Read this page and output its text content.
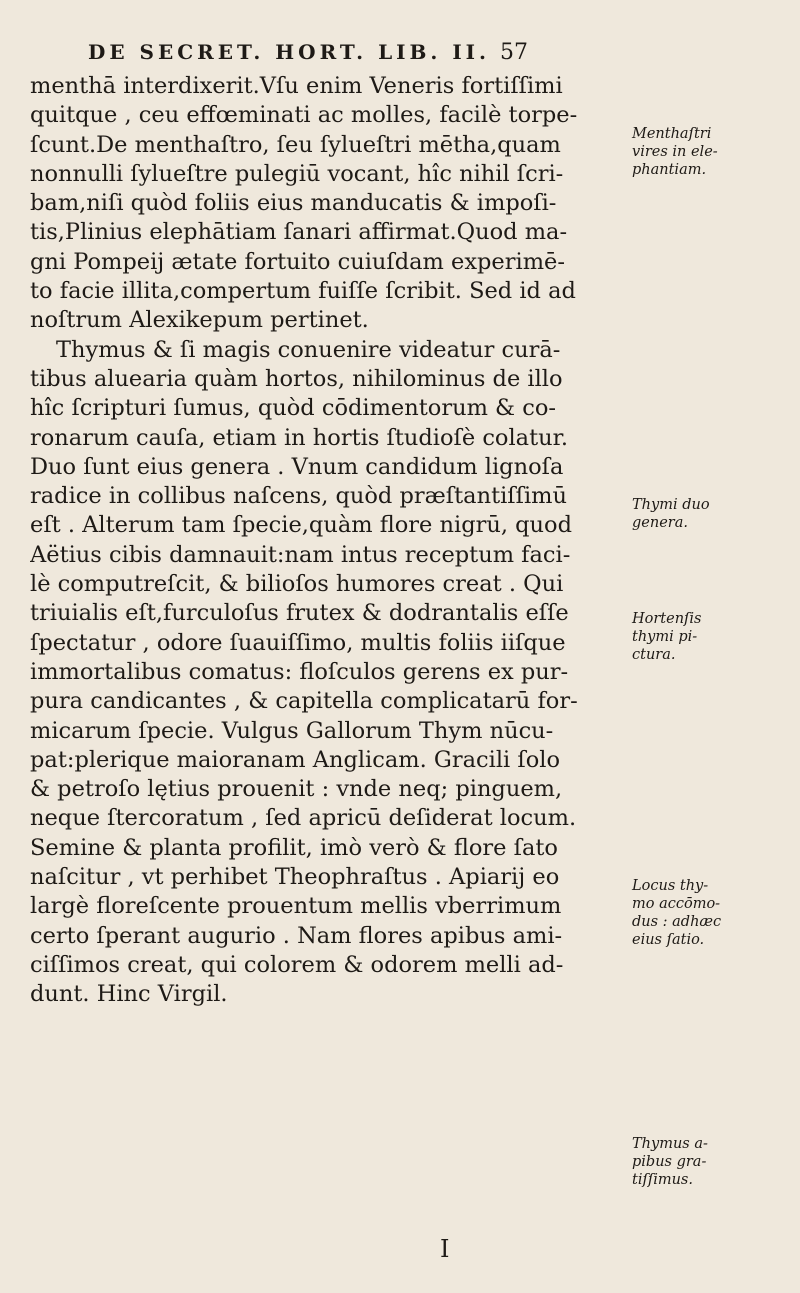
DE SECRET. HORT. LIB. II. 57
menthā interdixerit.Vſu enim Veneris fortiſſimi
quitque , ceu effœminati ac molles, facilè torpe-
ſcunt.De menthaſtro, ſeu ſylueſtri mētha,quam
nonnulli ſylueſtre pulegiū vocant, hîc nihil ſcri-
bam,niſi quòd foliis eius manducatis & impoſi-
tis,Plinius elephātiam ſanari affirmat.Quod ma-
gni Pompeij ætate fortuito cuiuſdam experimē-
to facie illita,compertum fuiſſe ſcribit. Sed id ad
noſtrum Alexikepum pertinet.
Thymus & ſi magis conuenire videatur curā-
tibus aluearia quàm hortos, nihilominus de illo
hîc ſcripturi ſumus, quòd cōdimentorum & co-
ronarum cauſa, etiam in hortis ſtudioſè colatur.
Duo ſunt eius genera . Vnum candidum lignoſa
radice in collibus naſcens, quòd præſtantiſſimū
eſt . Alterum tam ſpecie,quàm flore nigrū, quod
Aëtius cibis damnauit:nam intus receptum faci-
lè computreſcit, & bilioſos humores creat . Qui
triuialis eſt,furculoſus frutex & dodrantalis eſſe
ſpectatur , odore ſuauiſſimo, multis foliis iiſque
immortalibus comatus: floſculos gerens ex pur-
pura candicantes , & capitella complicatarū for-
micarum ſpecie. Vulgus Gallorum Thym nūcu-
pat:plerique maioranam Anglicam. Gracili ſolo
& petroſo lętius prouenit : vnde neq; pinguem,
neque ſtercoratum , ſed apricū deſiderat locum.
Semine & planta profilit, imò verò & flore ſato
naſcitur , vt perhibet Theophraſtus . Apiarij eo
largè floreſcente prouentum mellis vberrimum
certo ſperant augurio . Nam flores apibus ami-
ciſſimos creat, qui colorem & odorem melli ad-
dunt. Hinc Virgil.
Menthaſtri
vires in ele-
phantiam.
Thymi duo
genera.
Hortenſis
thymi pi-
ctura.
Locus thy-
mo accōmo-
dus : adhæc
eius ſatio.
Thymus a-
pibus gra-
tiſſimus.
I
